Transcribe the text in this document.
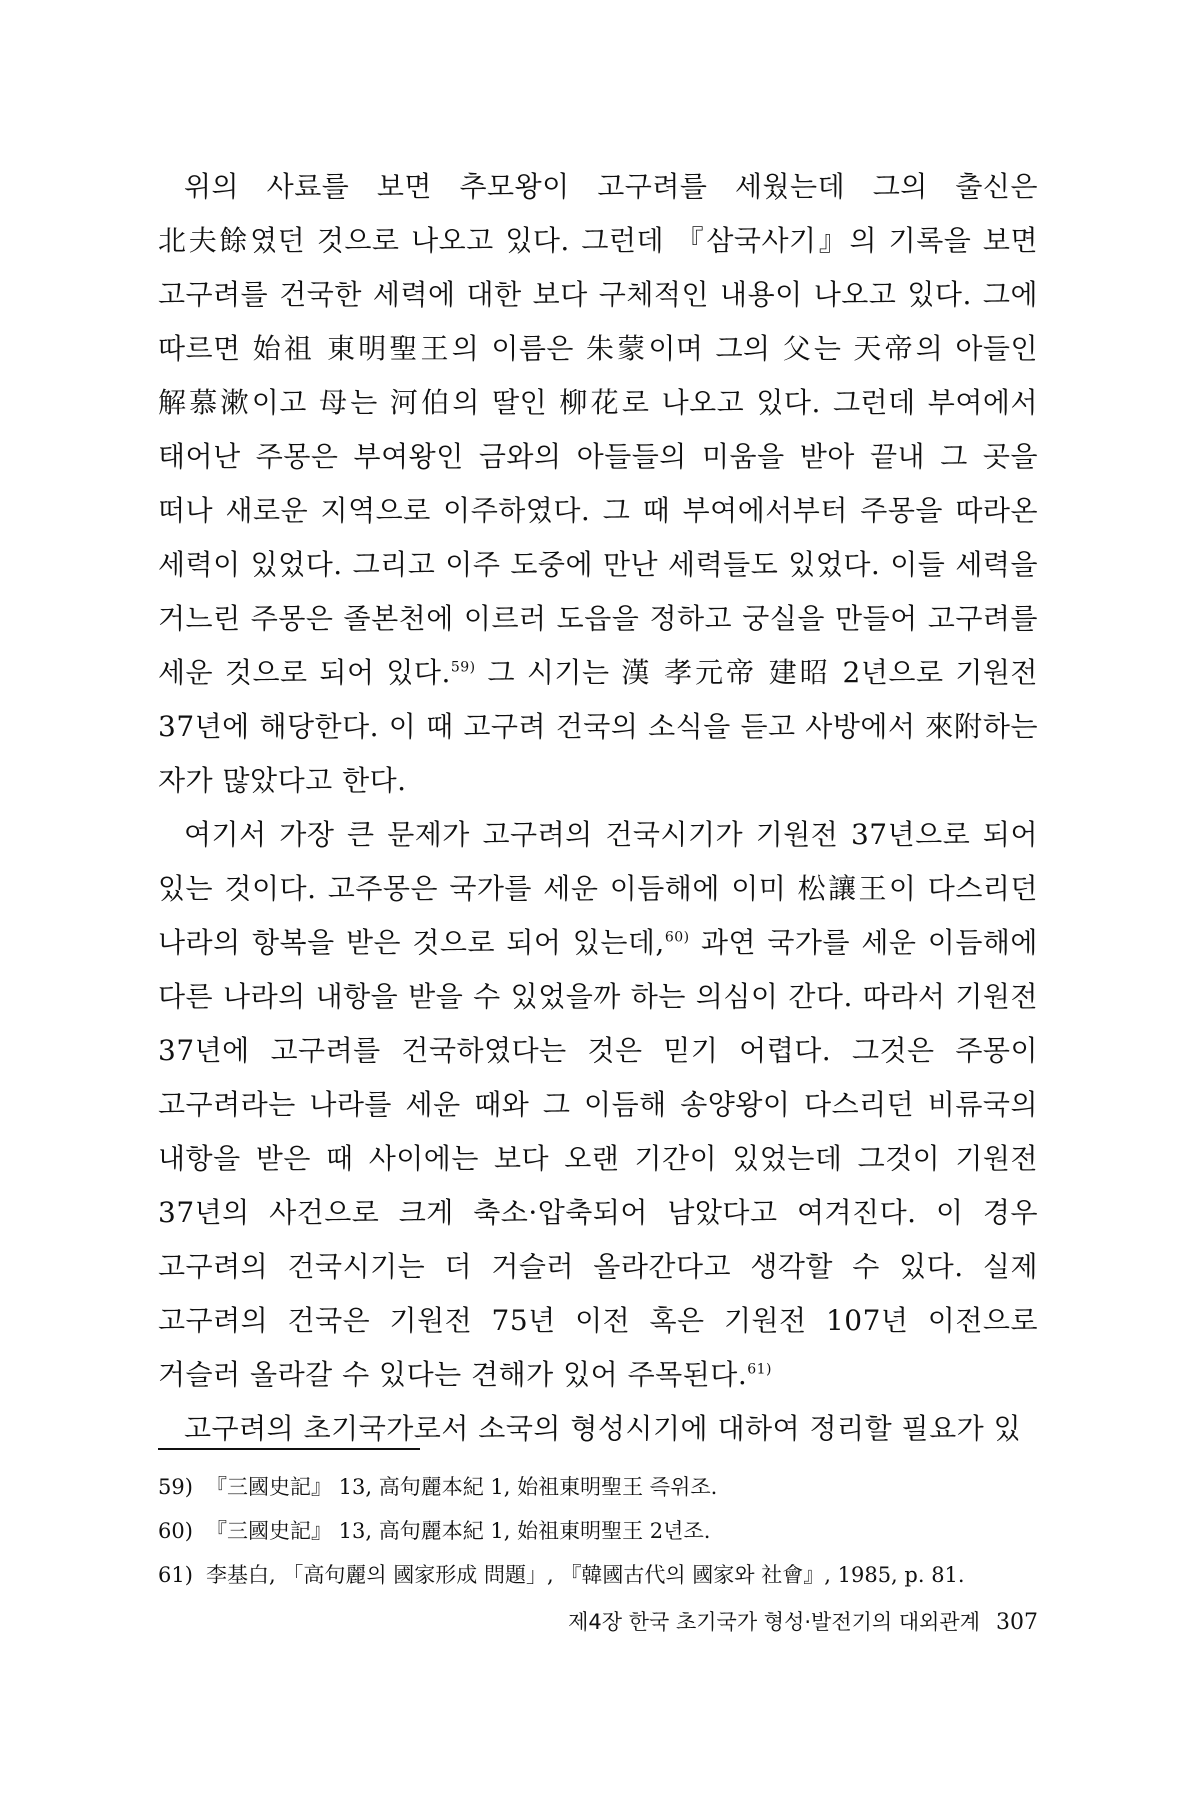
위의 사료를 보면 추모왕이 고구려를 세웠는데 그의 출신은 北夫餘였던 것으로 나오고 있다. 그런데 『삼국사기』의 기록을 보면 고구려를 건국한 세력에 대한 보다 구체적인 내용이 나오고 있다. 그에 따르면 始祖 東明聖王의 이름은 朱蒙이며 그의 父는 天帝의 아들인 解慕漱이고 母는 河伯의 딸인 柳花로 나오고 있다. 그런데 부여에서 태어난 주몽은 부여왕인 금와의 아들들의 미움을 받아 끝내 그 곳을 떠나 새로운 지역으로 이주하였다. 그 때 부여에서부터 주몽을 따라온 세력이 있었다. 그리고 이주 도중에 만난 세력들도 있었다. 이들 세력을 거느린 주몽은 졸본천에 이르러 도읍을 정하고 궁실을 만들어 고구려를 세운 것으로 되어 있다.$^{59)}$ 그 시기는 漢 孝元帝 建昭 2년으로 기원전 37년에 해당한다. 이 때 고구려 건국의 소식을 듣고 사방에서 來附하는 자가 많았다고 한다.

여기서 가장 큰 문제가 고구려의 건국시기가 기원전 37년으로 되어 있는 것이다. 고주몽은 국가를 세운 이듬해에 이미 松讓王이 다스리던 나라의 항복을 받은 것으로 되어 있는데,$^{60)}$ 과연 국가를 세운 이듬해에 다른 나라의 내항을 받을 수 있었을까 하는 의심이 간다. 따라서 기원전 37년에 고구려를 건국하였다는 것은 믿기 어렵다. 그것은 주몽이 고구려라는 나라를 세운 때와 그 이듬해 송양왕이 다스리던 비류국의 내항을 받은 때 사이에는 보다 오랜 기간이 있었는데 그것이 기원전 37년의 사건으로 크게 축소·압축되어 남았다고 여겨진다. 이 경우 고구려의 건국시기는 더 거슬러 올라간다고 생각할 수 있다. 실제 고구려의 건국은 기원전 75년 이전 혹은 기원전 107년 이전으로 거슬러 올라갈 수 있다는 견해가 있어 주목된다.$^{61)}$

고구려의 초기국가로서 소국의 형성시기에 대하여 정리할 필요가 있

59) 『三國史記』 13, 高句麗本紀 1, 始祖東明聖王 즉위조.
60) 『三國史記』 13, 高句麗本紀 1, 始祖東明聖王 2년조.
61) 李基白, 「高句麗의 國家形成 問題」, 『韓國古代의 國家와 社會』, 1985, p. 81.
제4장 한국 초기국가 형성·발전기의 대외관계 307
